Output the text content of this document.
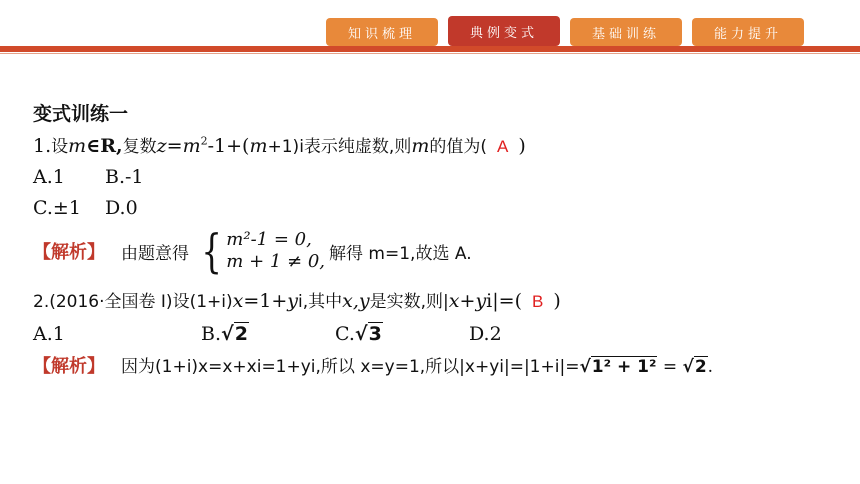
知识梳理	典例变式	基础训练	能力提升
变式训练一
1.设m∈R,复数$z=m^2-1+(m+1)i$表示纯虚数,则m的值为( A )
A.1 B.-1
C.±1 D.0
【解析】 由题意得 { m²-1 = 0,
m + 1 ≠ 0, 解得 m=1,故选 A.
2.(2016·全国卷 Ⅰ)设(1+i)x=1+yi,其中x,y是实数,则|x+yi|=( B )
A.1	B.√2	C.√3	D.2
【解析】 因为(1+i)x=x+xi=1+yi,所以 x=y=1,所以|x+yi|=|1+i|=√1² + 1² = √2.
